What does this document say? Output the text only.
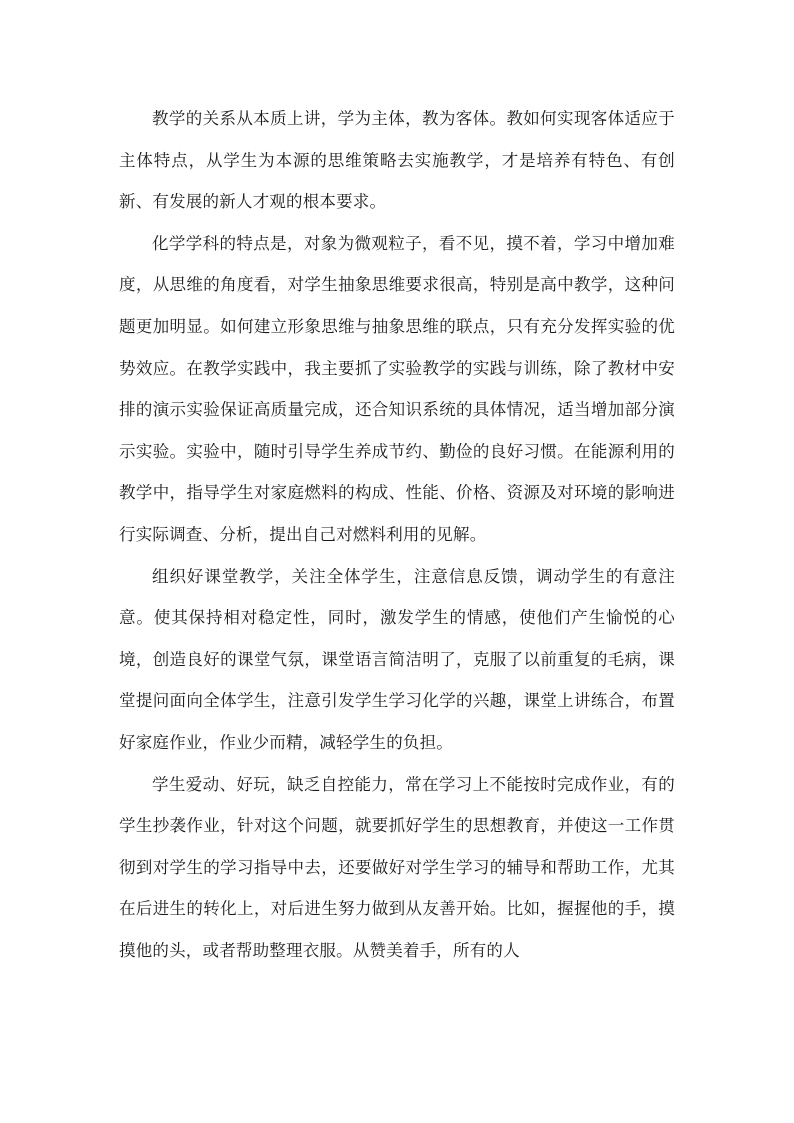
教学的关系从本质上讲，学为主体，教为客体。教如何实现客体适应于主体特点，从学生为本源的思维策略去实施教学，才是培养有特色、有创新、有发展的新人才观的根本要求。

化学学科的特点是，对象为微观粒子，看不见，摸不着，学习中增加难度，从思维的角度看，对学生抽象思维要求很高，特别是高中教学，这种问题更加明显。如何建立形象思维与抽象思维的联点，只有充分发挥实验的优势效应。在教学实践中，我主要抓了实验教学的实践与训练，除了教材中安排的演示实验保证高质量完成，还合知识系统的具体情况，适当增加部分演示实验。实验中，随时引导学生养成节约、勤俭的良好习惯。在能源利用的教学中，指导学生对家庭燃料的构成、性能、价格、资源及对环境的影响进行实际调查、分析，提出自己对燃料利用的见解。

组织好课堂教学，关注全体学生，注意信息反馈，调动学生的有意注意。使其保持相对稳定性，同时，激发学生的情感，使他们产生愉悦的心境，创造良好的课堂气氛，课堂语言简洁明了，克服了以前重复的毛病，课堂提问面向全体学生，注意引发学生学习化学的兴趣，课堂上讲练合，布置好家庭作业，作业少而精，减轻学生的负担。

学生爱动、好玩，缺乏自控能力，常在学习上不能按时完成作业，有的学生抄袭作业，针对这个问题，就要抓好学生的思想教育，并使这一工作贯彻到对学生的学习指导中去，还要做好对学生学习的辅导和帮助工作，尤其在后进生的转化上，对后进生努力做到从友善开始。比如，握握他的手，摸摸他的头，或者帮助整理衣服。从赞美着手，所有的人
